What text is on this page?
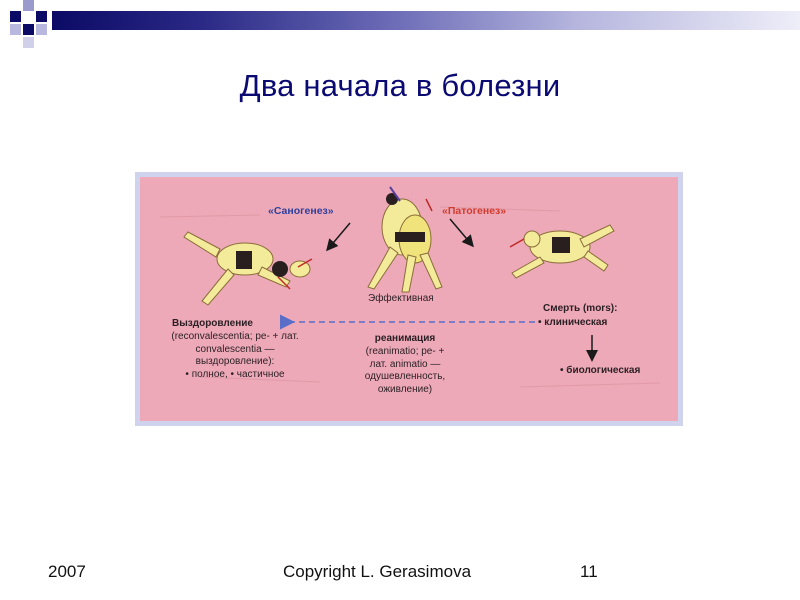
Два начала в болезни
«Саногенез»	«Патогенез»
Эффективная
Выздоровление
(reconvalescentia; ре- + лат.
convalescentia —
выздоровление):
• полное, • частичное
реанимация
(reanimatio; ре- +
лат. animatio —
одушевленность,
оживление)
Смерть (mors):
• клиническая
• биологическая
2007	Copyright L. Gerasimova	11
